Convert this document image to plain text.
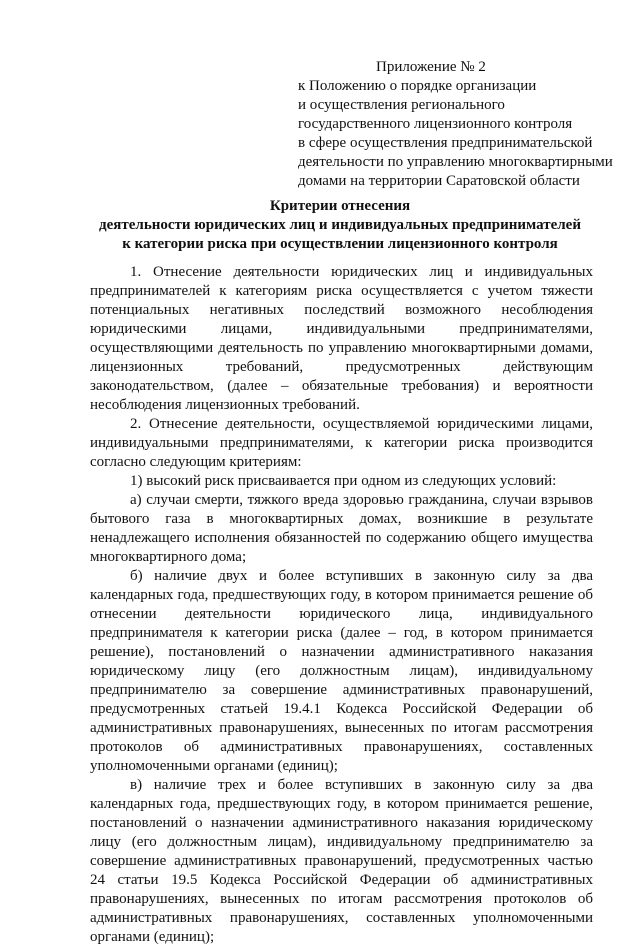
Приложение № 2
к Положению о порядке организации
и осуществления регионального
государственного лицензионного контроля
в сфере осуществления предпринимательской
деятельности по управлению многоквартирными
домами на территории Саратовской области
Критерии отнесения
деятельности юридических лиц и индивидуальных предпринимателей
к категории риска при осуществлении лицензионного контроля

1. Отнесение деятельности юридических лиц и индивидуальных предпринимателей к категориям риска осуществляется с учетом тяжести потенциальных негативных последствий возможного несоблюдения юридическими лицами, индивидуальными предпринимателями, осуществляющими деятельность по управлению многоквартирными домами, лицензионных требований, предусмотренных действующим законодательством, (далее – обязательные требования) и вероятности несоблюдения лицензионных требований.

2. Отнесение деятельности, осуществляемой юридическими лицами, индивидуальными предпринимателями, к категории риска производится согласно следующим критериям:

1) высокий риск присваивается при одном из следующих условий:

а) случаи смерти, тяжкого вреда здоровью гражданина, случаи взрывов бытового газа в многоквартирных домах, возникшие в результате ненадлежащего исполнения обязанностей по содержанию общего имущества многоквартирного дома;

б) наличие двух и более вступивших в законную силу за два календарных года, предшествующих году, в котором принимается решение об отнесении деятельности юридического лица, индивидуального предпринимателя к категории риска (далее – год, в котором принимается решение), постановлений о назначении административного наказания юридическому лицу (его должностным лицам), индивидуальному предпринимателю за совершение административных правонарушений, предусмотренных статьей 19.4.1 Кодекса Российской Федерации об административных правонарушениях, вынесенных по итогам рассмотрения протоколов об административных правонарушениях, составленных уполномоченными органами (единиц);

в) наличие трех и более вступивших в законную силу за два календарных года, предшествующих году, в котором принимается решение, постановлений о назначении административного наказания юридическому лицу (его должностным лицам), индивидуальному предпринимателю за совершение административных правонарушений, предусмотренных частью 24 статьи 19.5 Кодекса Российской Федерации об административных правонарушениях, вынесенных по итогам рассмотрения протоколов об административных правонарушениях, составленных уполномоченными органами (единиц);
